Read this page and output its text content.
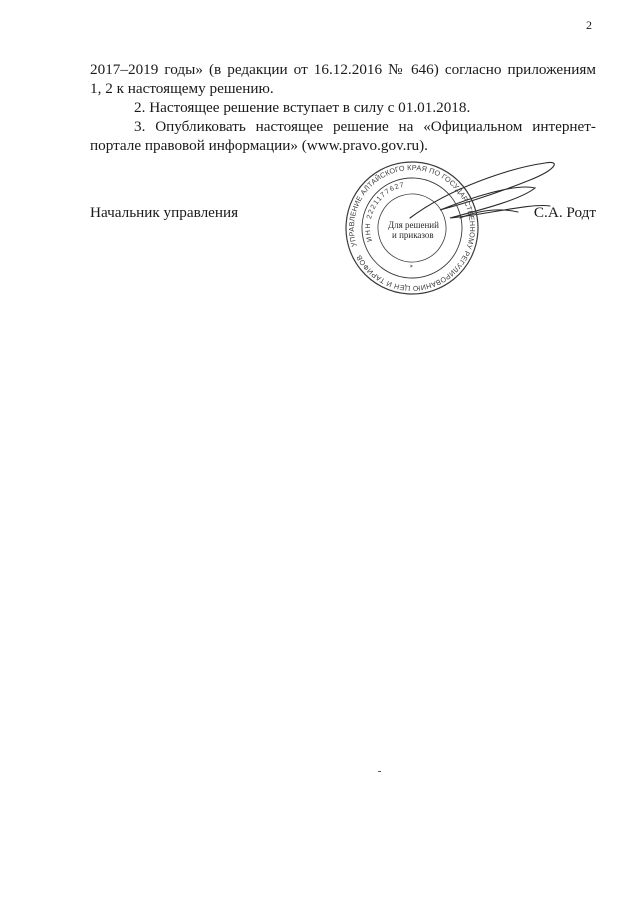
2

2017–2019 годы» (в редакции от 16.12.2016 № 646) согласно приложениям
1, 2 к настоящему решению.

2. Настоящее решение вступает в силу с 01.01.2018.

3. Опубликовать настоящее решение на «Официальном интернет-
портале правовой информации» (www.pravo.gov.ru).

УПРАВЛЕНИЕ АЛТАЙСКОГО КРАЯ ПО ГОСУДАРСТВЕННОМУ РЕГУЛИРОВАНИЮ ЦЕН И ТАРИФОВ
ИНН 2221177627
*
Для решений
и приказов
Начальник управления	С.А. Родт
